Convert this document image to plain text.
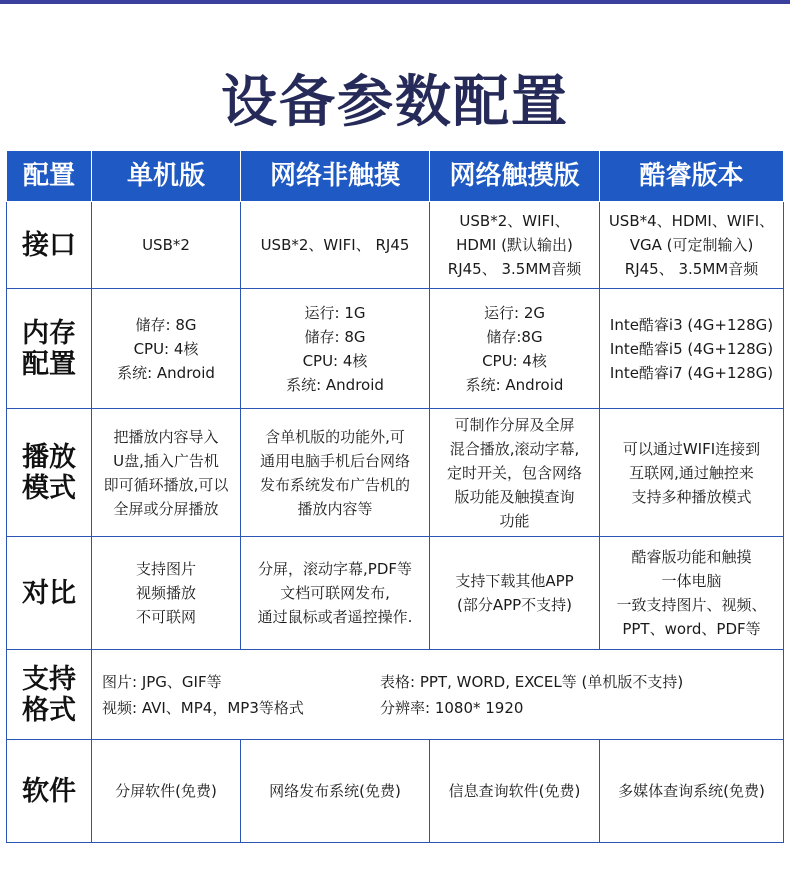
设备参数配置
配置	单机版	网络非触摸	网络触摸版	酷睿版本

接口	USB*2	USB*2、WIFI、 RJ45	USB*2、WIFI、
HDMI (默认输出)
RJ45、 3.5MM音频	USB*4、HDMI、WIFI、
VGA (可定制输入)
RJ45、 3.5MM音频

内存
配置	储存: 8G
CPU: 4核
系统: Android	运行: 1G
储存: 8G
CPU: 4核
系统: Android	运行: 2G
储存:8G
CPU: 4核
系统: Android	Inte酷睿i3 (4G+128G)
Inte酷睿i5 (4G+128G)
Inte酷睿i7 (4G+128G)

播放
模式	把播放内容导入
U盘,插入广告机
即可循环播放,可以
全屏或分屏播放	含单机版的功能外,可
通用电脑手机后台网络
发布系统发布广告机的
播放内容等	可制作分屏及全屏
混合播放,滚动字幕,
定时开关，包含网络
版功能及触摸查询
功能	可以通过WIFI连接到
互联网,通过触控来
支持多种播放模式

对比	支持图片
视频播放
不可联网	分屏，滚动字幕,PDF等
文档可联网发布,
通过鼠标或者遥控操作.	支持下载其他APP
(部分APP不支持)	酷睿版功能和触摸
一体电脑
一致支持图片、视频、
PPT、word、PDF等

支持
格式	图片: JPG、GIF等 表格: PPT, WORD, EXCEL等 (单机版不支持)
视频: AVI、MP4，MP3等格式 分辨率: 1080* 1920			

软件	分屏软件(免费)	网络发布系统(免费)	信息查询软件(免费)	多媒体查询系统(免费)
